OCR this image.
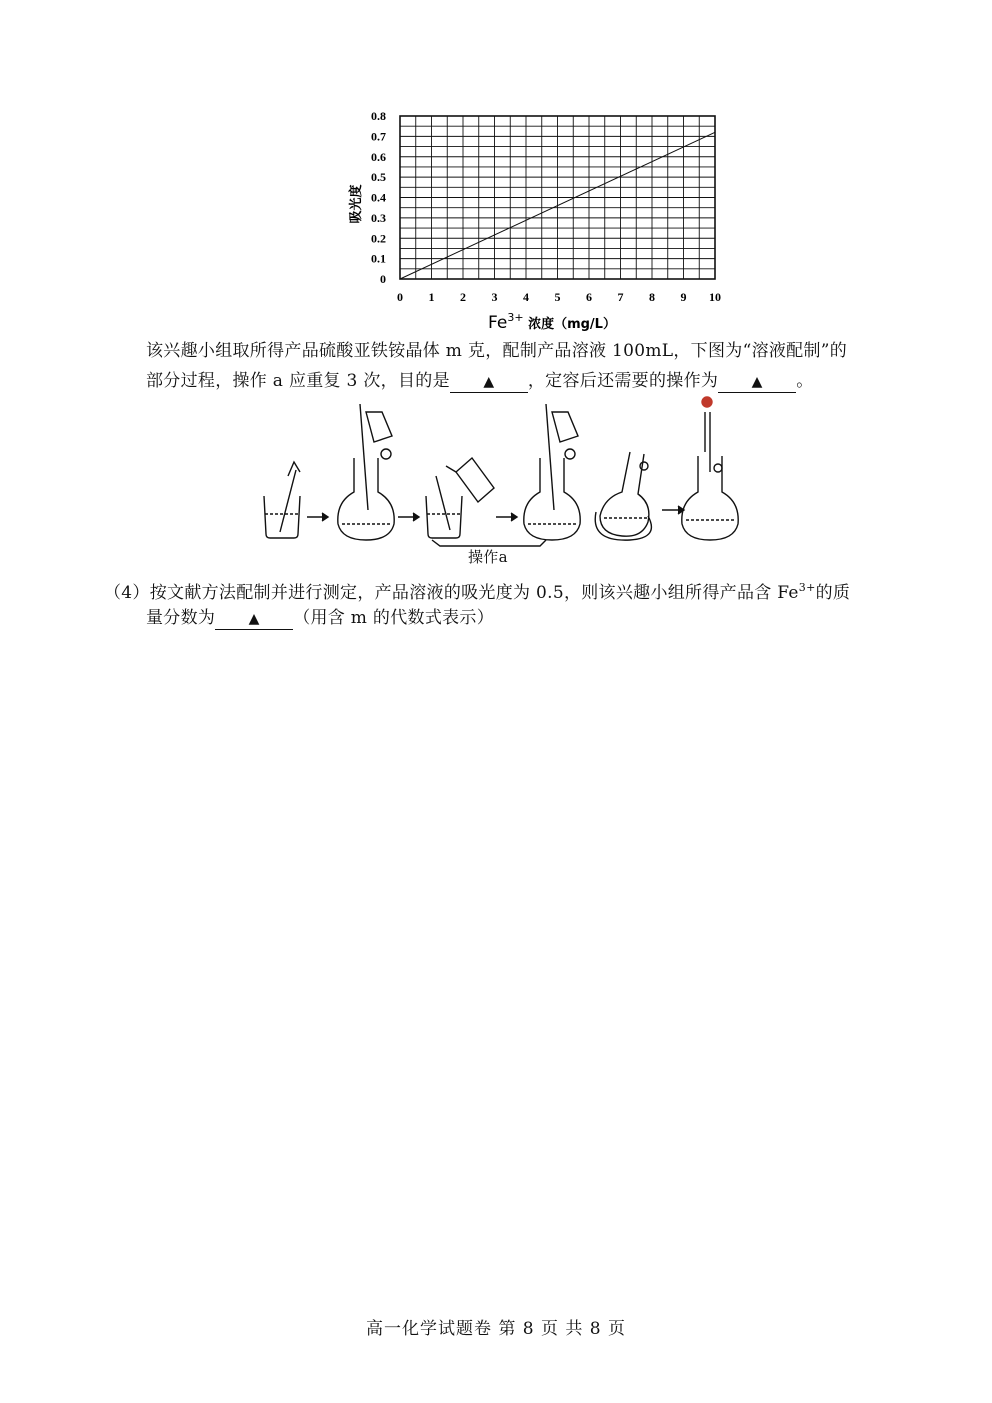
0
0.1
0.2
0.3
0.4
0.5
0.6
0.7
0.8
0 1 2 3 4 5 6 7 8 9 10
吸光度
$Fe^{3+}$ $_{浓度(mg/L)}$
该兴趣小组取所得产品硫酸亚铁铵晶体 m 克，配制产品溶液 100mL，下图为“溶液配制”的
部分过程，操作 a 应重复 3 次，目的是 ▲ ，定容后还需要的操作为 ▲ 。
操作a
（4）按文献方法配制并进行测定，产品溶液的吸光度为 0.5，则该兴趣小组所得产品含 $Fe^{3+}$的质
量分数为 ▲ （用含 m 的代数式表示）
高一化学试题卷 第 8 页 共 8 页
